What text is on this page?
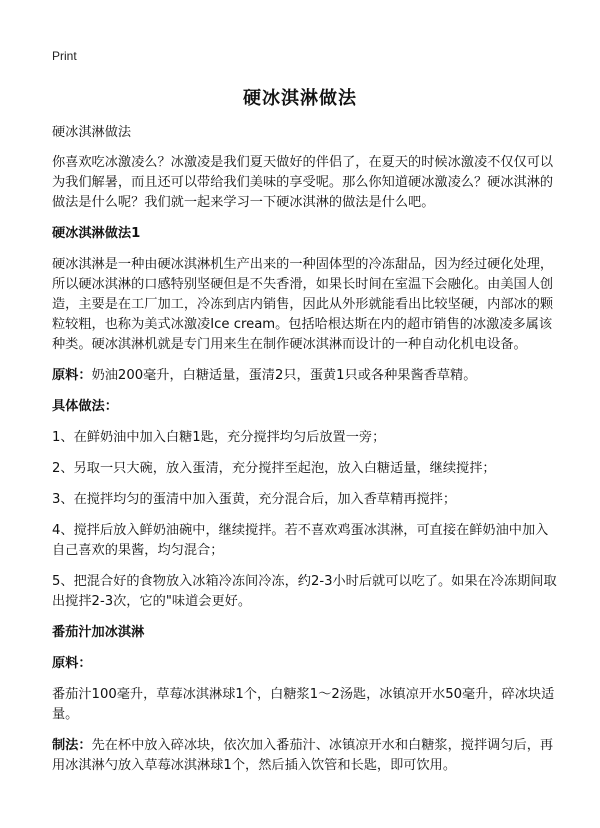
Print
硬冰淇淋做法

硬冰淇淋做法

你喜欢吃冰激凌么？冰激凌是我们夏天做好的伴侣了，在夏天的时候冰激凌不仅仅可以为我们解暑，而且还可以带给我们美味的享受呢。那么你知道硬冰激凌么？硬冰淇淋的做法是什么呢？我们就一起来学习一下硬冰淇淋的做法是什么吧。

硬冰淇淋做法1

硬冰淇淋是一种由硬冰淇淋机生产出来的一种固体型的冷冻甜品，因为经过硬化处理，所以硬冰淇淋的口感特别坚硬但是不失香滑，如果长时间在室温下会融化。由美国人创造，主要是在工厂加工，冷冻到店内销售，因此从外形就能看出比较坚硬，内部冰的颗粒较粗，也称为美式冰激凌Ice cream。包括哈根达斯在内的超市销售的冰激凌多属该种类。硬冰淇淋机就是专门用来生在制作硬冰淇淋而设计的一种自动化机电设备。

原料：奶油200毫升，白糖适量，蛋清2只，蛋黄1只或各种果酱香草精。

具体做法：

1、在鲜奶油中加入白糖1匙，充分搅拌均匀后放置一旁；

2、另取一只大碗，放入蛋清，充分搅拌至起泡，放入白糖适量，继续搅拌；

3、在搅拌均匀的蛋清中加入蛋黄，充分混合后，加入香草精再搅拌；

4、搅拌后放入鲜奶油碗中，继续搅拌。若不喜欢鸡蛋冰淇淋，可直接在鲜奶油中加入自己喜欢的果酱，均匀混合；

5、把混合好的食物放入冰箱冷冻间冷冻，约2-3小时后就可以吃了。如果在冷冻期间取出搅拌2-3次，它的"味道会更好。

番茄汁加冰淇淋

原料：

番茄汁100毫升，草莓冰淇淋球1个，白糖浆1～2汤匙，冰镇凉开水50毫升，碎冰块适量。

制法：先在杯中放入碎冰块，依次加入番茄汁、冰镇凉开水和白糖浆，搅拌调匀后，再用冰淇淋勺放入草莓冰淇淋球1个，然后插入饮管和长匙，即可饮用。
